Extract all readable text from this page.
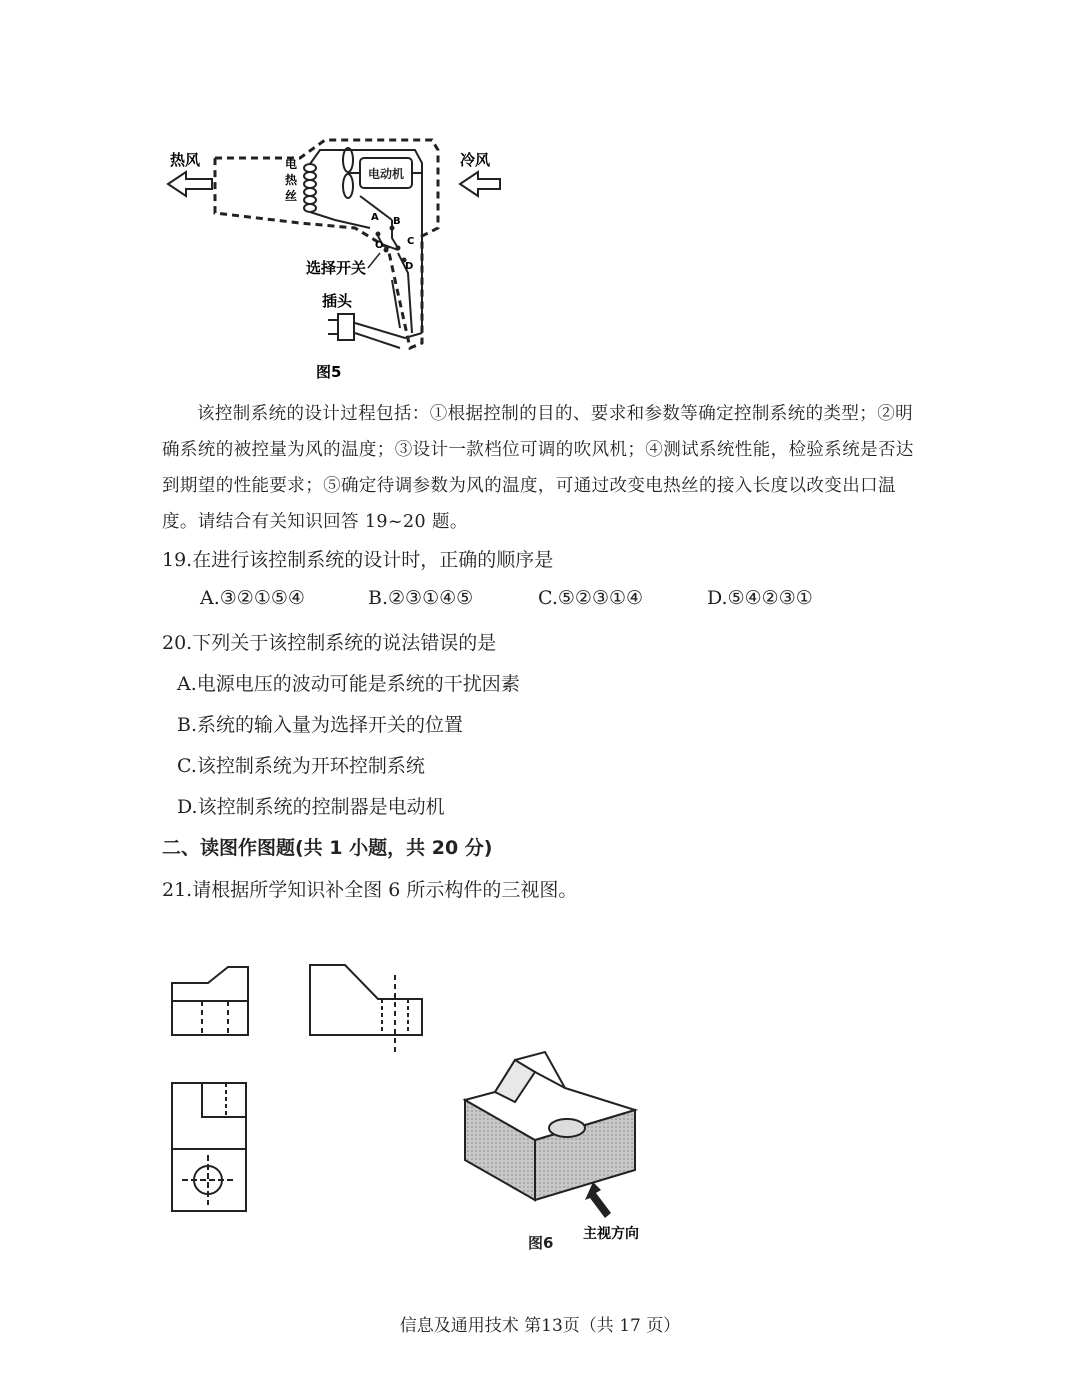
电动机
A B
C
D
O
电
热
丝
热风	冷风
选择开关
插头
图5
该控制系统的设计过程包括：①根据控制的目的、要求和参数等确定控制系统的类型；②明确系统的被控量为风的温度；③设计一款档位可调的吹风机；④测试系统性能，检验系统是否达到期望的性能要求；⑤确定待调参数为风的温度，可通过改变电热丝的接入长度以改变出口温度。请结合有关知识回答 19~20 题。
19.在进行该控制系统的设计时，正确的顺序是
A.③②①⑤④	B.②③①④⑤	C.⑤②③①④	D.⑤④②③①
20.下列关于该控制系统的说法错误的是
A.电源电压的波动可能是系统的干扰因素
B.系统的输入量为选择开关的位置
C.该控制系统为开环控制系统
D.该控制系统的控制器是电动机
二、读图作图题(共 1 小题，共 20 分)
21.请根据所学知识补全图 6 所示构件的三视图。
主视方向
图6
信息及通用技术 第13页（共 17 页）
